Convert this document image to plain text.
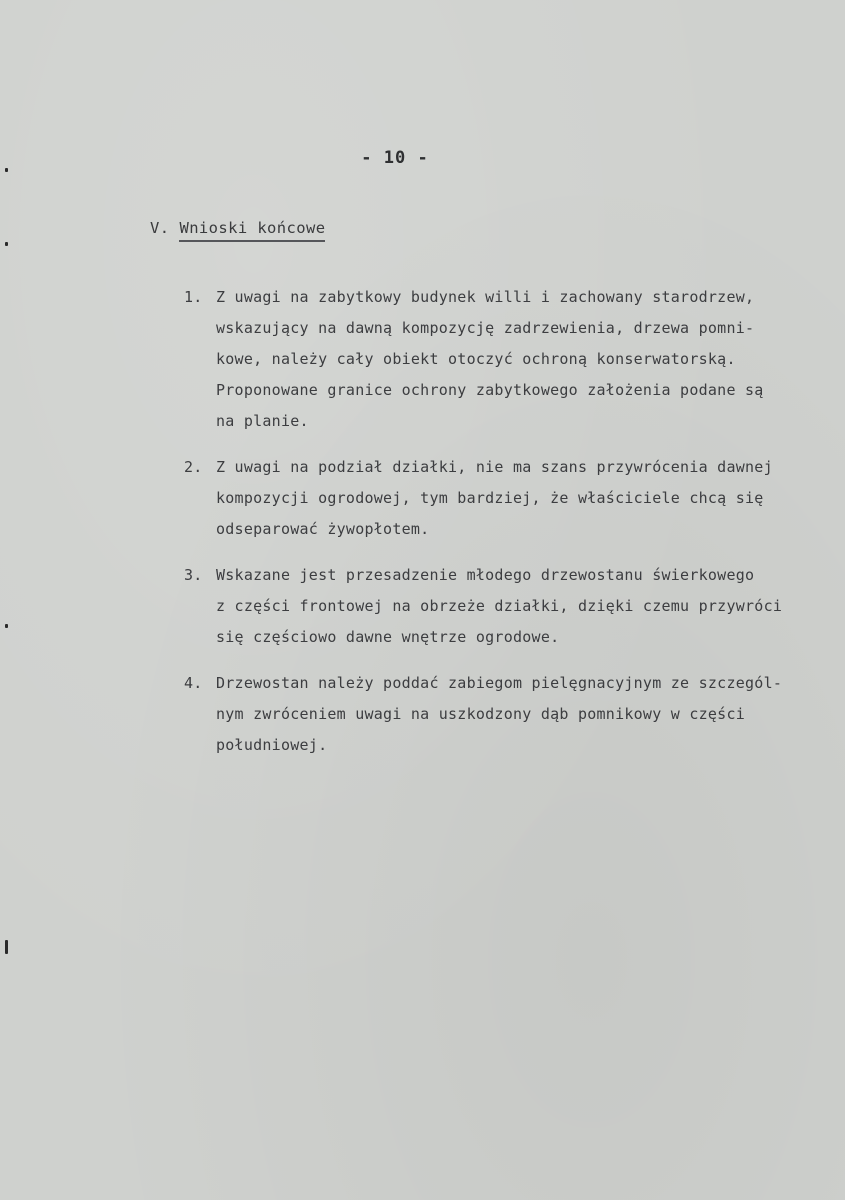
- 10 -
V. Wnioski końcowe
1. Z uwagi na zabytkowy budynek willi i zachowany starodrzew,
wskazujący na dawną kompozycję zadrzewienia, drzewa pomni-
kowe, należy cały obiekt otoczyć ochroną konserwatorską.
Proponowane granice ochrony zabytkowego założenia podane są
na planie.
2. Z uwagi na podział działki, nie ma szans przywrócenia dawnej
kompozycji ogrodowej, tym bardziej, że właściciele chcą się
odseparować żywopłotem.
3. Wskazane jest przesadzenie młodego drzewostanu świerkowego
z części frontowej na obrzeże działki, dzięki czemu przywróci
się częściowo dawne wnętrze ogrodowe.
4. Drzewostan należy poddać zabiegom pielęgnacyjnym ze szczegól-
nym zwróceniem uwagi na uszkodzony dąb pomnikowy w części
południowej.
